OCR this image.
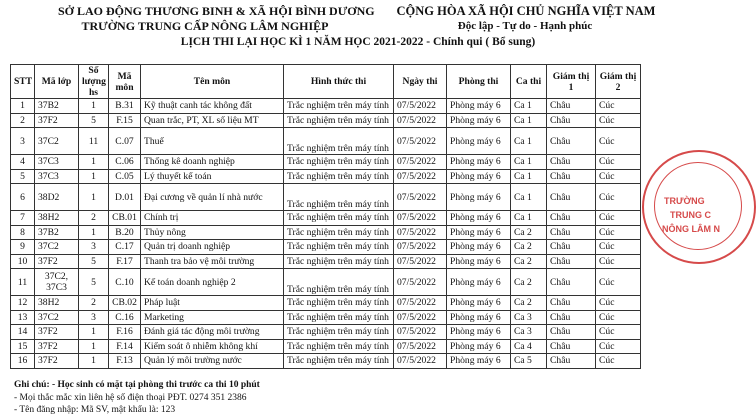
SỞ LAO ĐỘNG THƯƠNG BINH & XÃ HỘI BÌNH DƯƠNG
TRƯỜNG TRUNG CẤP NÔNG LÂM NGHIỆP
CỘNG HÒA XÃ HỘI CHỦ NGHĨA VIỆT NAM
Độc lập - Tự do - Hạnh phúc
LỊCH THI LẠI HỌC KÌ 1 NĂM HỌC 2021-2022 - Chính qui ( Bổ sung)
STT	Mã lớp	Số lượng hs	Mã môn	Tên môn	Hình thức thi	Ngày thi	Phòng thi	Ca thi	Giám thị 1	Giám thị 2
1	37B2	1	B.31	Kỹ thuật canh tác không đất	Trắc nghiệm trên máy tính	07/5/2022	Phòng máy 6	Ca 1	Châu	Cúc
2	37F2	5	F.15	Quan trắc, PT, XL số liệu MT	Trắc nghiệm trên máy tính	07/5/2022	Phòng máy 6	Ca 1	Châu	Cúc
3	37C2	11	C.07	Thuế	Trắc nghiệm trên máy tính	07/5/2022	Phòng máy 6	Ca 1	Châu	Cúc
4	37C3	1	C.06	Thống kê doanh nghiệp	Trắc nghiệm trên máy tính	07/5/2022	Phòng máy 6	Ca 1	Châu	Cúc
5	37C3	1	C.05	Lý thuyết kế toán	Trắc nghiệm trên máy tính	07/5/2022	Phòng máy 6	Ca 1	Châu	Cúc
6	38D2	1	D.01	Đại cương về quản lí nhà nước	Trắc nghiệm trên máy tính	07/5/2022	Phòng máy 6	Ca 1	Châu	Cúc
7	38H2	2	CB.01	Chính trị	Trắc nghiệm trên máy tính	07/5/2022	Phòng máy 6	Ca 1	Châu	Cúc
8	37B2	1	B.20	Thủy nông	Trắc nghiệm trên máy tính	07/5/2022	Phòng máy 6	Ca 2	Châu	Cúc
9	37C2	3	C.17	Quản trị doanh nghiệp	Trắc nghiệm trên máy tính	07/5/2022	Phòng máy 6	Ca 2	Châu	Cúc
10	37F2	5	F.17	Thanh tra bảo vệ môi trường	Trắc nghiệm trên máy tính	07/5/2022	Phòng máy 6	Ca 2	Châu	Cúc
11	37C2, 37C3	5	C.10	Kế toán doanh nghiệp 2	Trắc nghiệm trên máy tính	07/5/2022	Phòng máy 6	Ca 2	Châu	Cúc
12	38H2	2	CB.02	Pháp luật	Trắc nghiệm trên máy tính	07/5/2022	Phòng máy 6	Ca 2	Châu	Cúc
13	37C2	3	C.16	Marketing	Trắc nghiệm trên máy tính	07/5/2022	Phòng máy 6	Ca 3	Châu	Cúc
14	37F2	1	F.16	Đánh giá tác động môi trường	Trắc nghiệm trên máy tính	07/5/2022	Phòng máy 6	Ca 3	Châu	Cúc
15	37F2	1	F.14	Kiểm soát ô nhiễm không khí	Trắc nghiệm trên máy tính	07/5/2022	Phòng máy 6	Ca 4	Châu	Cúc
16	37F2	1	F.13	Quản lý môi trường nước	Trắc nghiệm trên máy tính	07/5/2022	Phòng máy 6	Ca 5	Châu	Cúc
Ghi chú: - Học sinh có mặt tại phòng thi trước ca thi 10 phút
- Mọi thắc mắc xin liên hệ số điện thoại PĐT. 0274 351 2386
- Tên đăng nhập: Mã SV, mật khẩu là: 123
TRƯỜNG
TRUNG C
NÔNG LÂM N
